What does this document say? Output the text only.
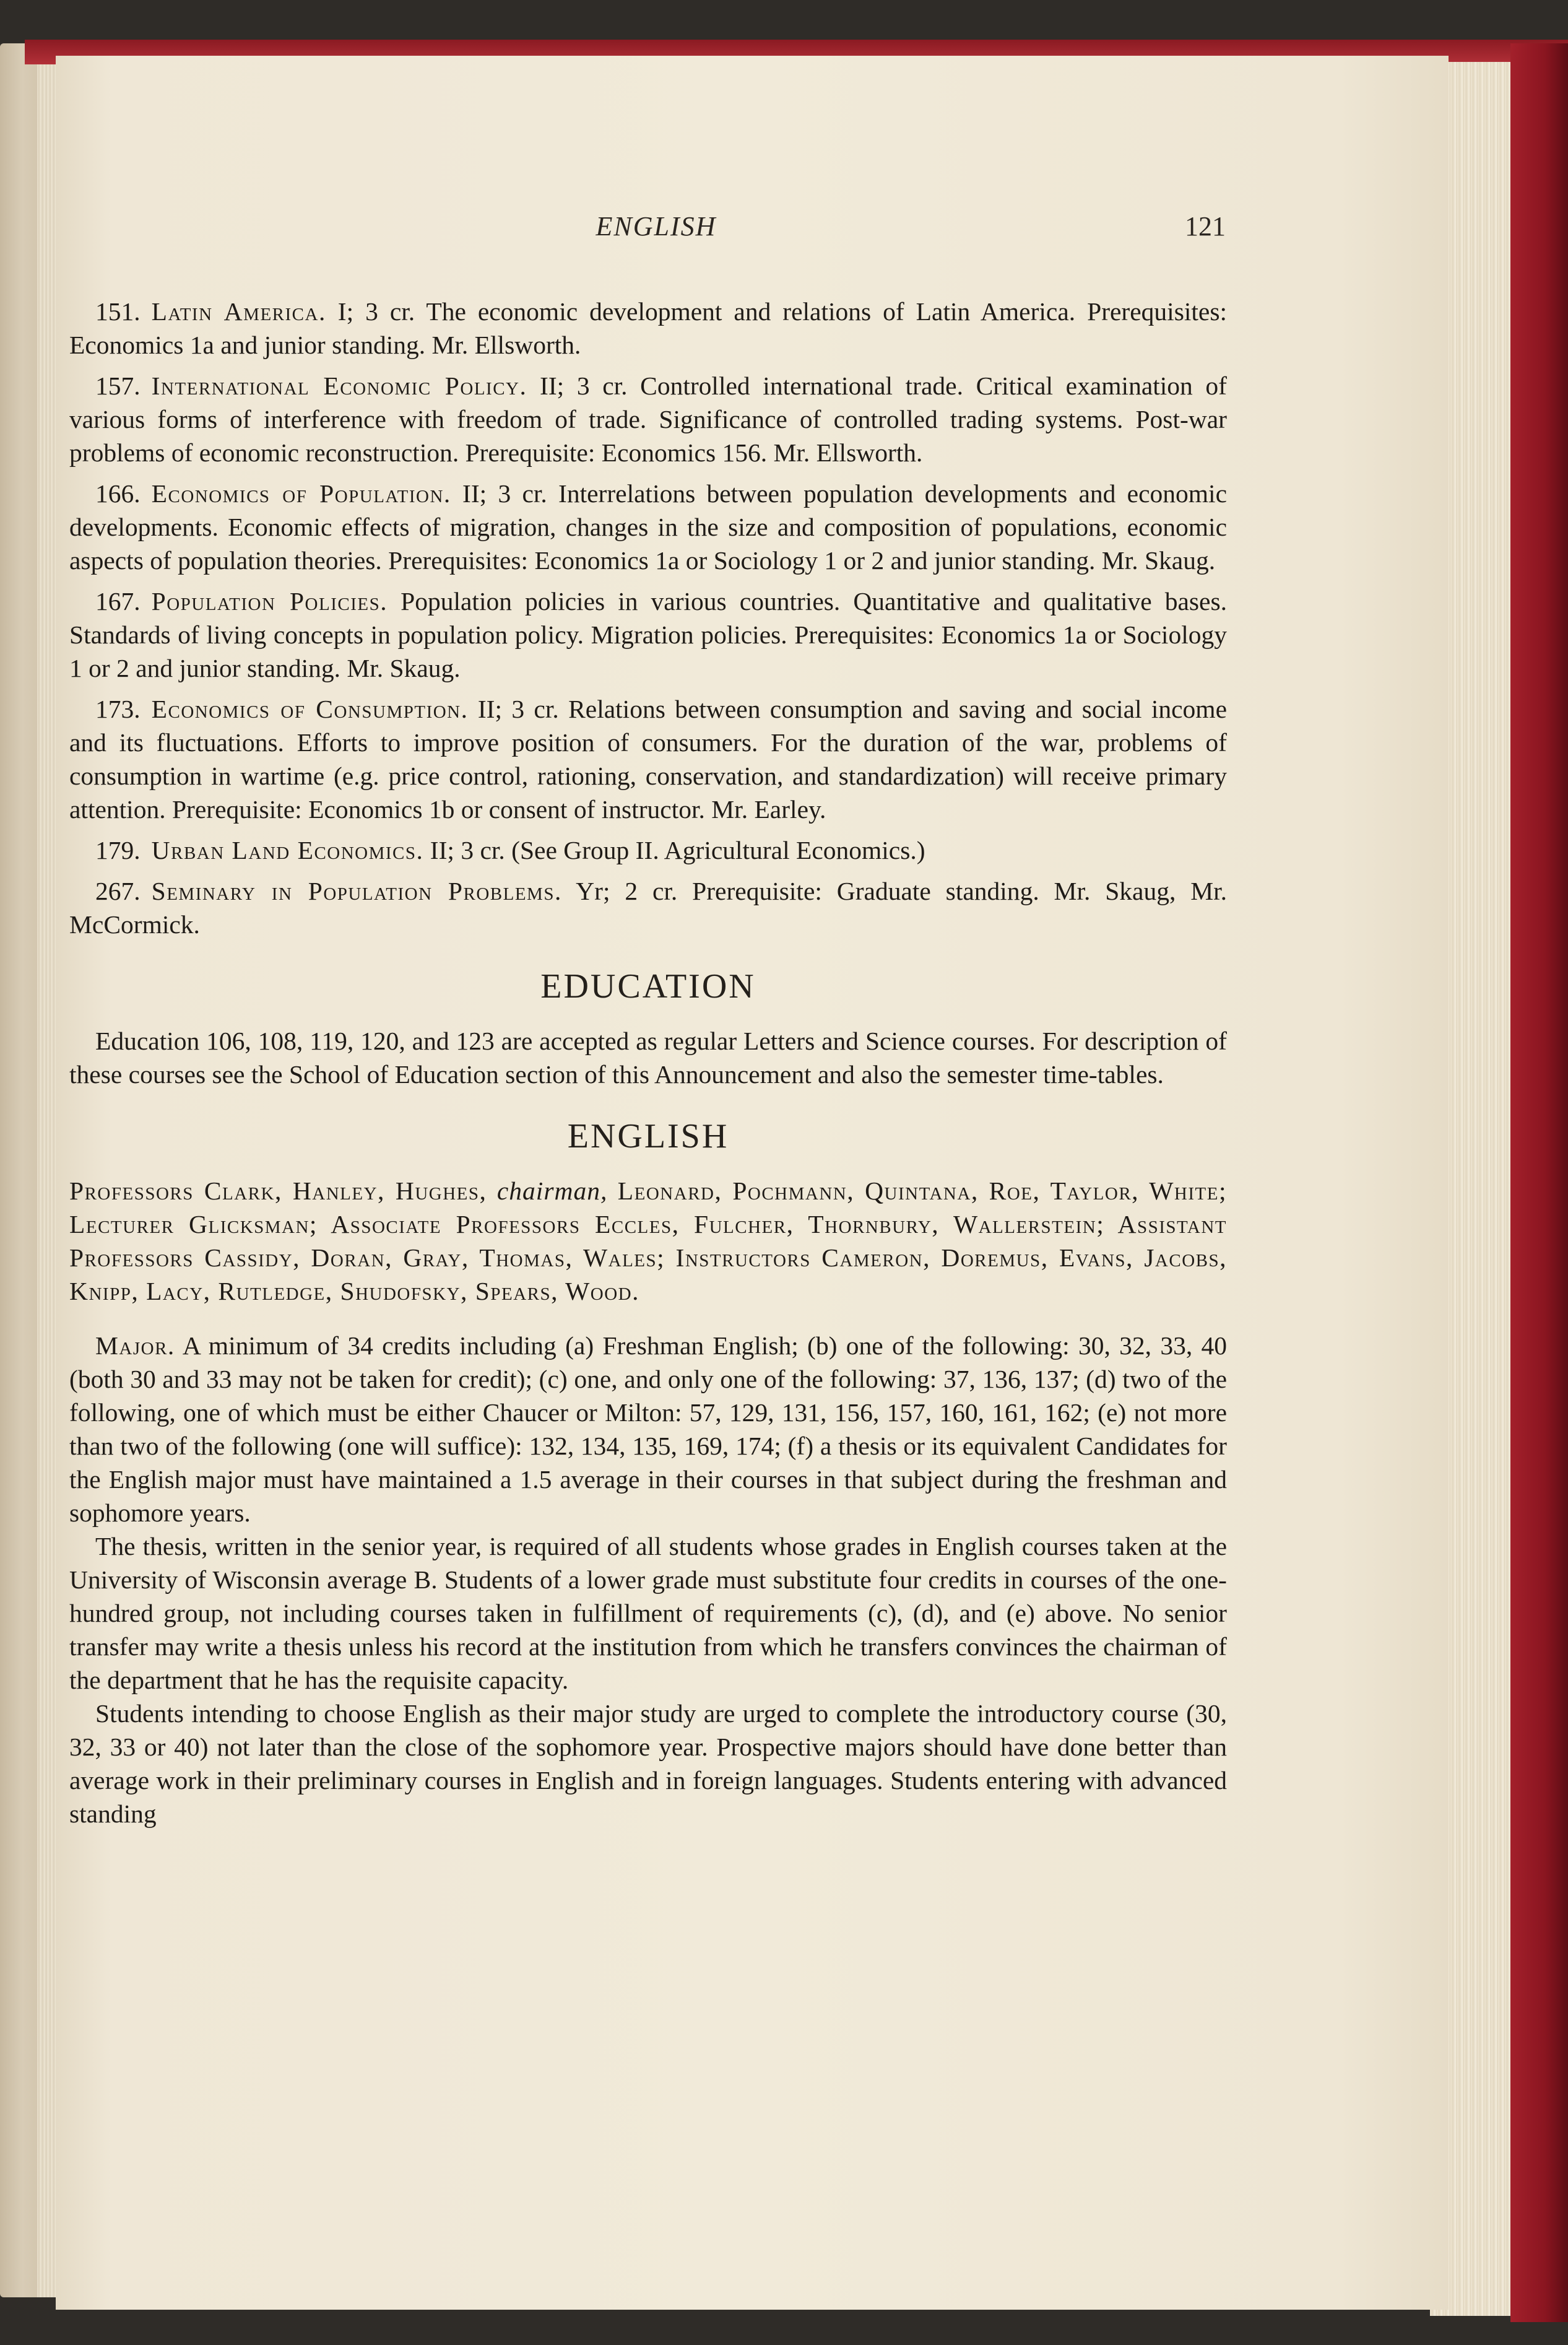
ENGLISH	121

151. Latin America. I; 3 cr. The economic development and relations of Latin America. Prerequisites: Economics 1a and junior standing. Mr. Ellsworth.

157. International Economic Policy. II; 3 cr. Controlled international trade. Critical examination of various forms of interference with freedom of trade. Significance of controlled trading systems. Post-war problems of economic reconstruction. Prerequisite: Economics 156. Mr. Ellsworth.

166. Economics of Population. II; 3 cr. Interrelations between population developments and economic developments. Economic effects of migration, changes in the size and composition of populations, economic aspects of population theories. Prerequisites: Economics 1a or Sociology 1 or 2 and junior standing. Mr. Skaug.

167. Population Policies. Population policies in various countries. Quantitative and qualitative bases. Standards of living concepts in population policy. Migration policies. Prerequisites: Economics 1a or Sociology 1 or 2 and junior standing. Mr. Skaug.

173. Economics of Consumption. II; 3 cr. Relations between consumption and saving and social income and its fluctuations. Efforts to improve position of consumers. For the duration of the war, problems of consumption in wartime (e.g. price control, rationing, conservation, and standardization) will receive primary attention. Prerequisite: Economics 1b or consent of instructor. Mr. Earley.

179. Urban Land Economics. II; 3 cr. (See Group II. Agricultural Economics.)

267. Seminary in Population Problems. Yr; 2 cr. Prerequisite: Graduate standing. Mr. Skaug, Mr. McCormick.

EDUCATION

Education 106, 108, 119, 120, and 123 are accepted as regular Letters and Science courses. For description of these courses see the School of Education section of this Announcement and also the semester time-tables.

ENGLISH

Professors Clark, Hanley, Hughes, chairman, Leonard, Pochmann, Quintana, Roe, Taylor, White; Lecturer Glicksman; Associate Professors Eccles, Fulcher, Thornbury, Wallerstein; Assistant Professors Cassidy, Doran, Gray, Thomas, Wales; Instructors Cameron, Doremus, Evans, Jacobs, Knipp, Lacy, Rutledge, Shudofsky, Spears, Wood.

Major. A minimum of 34 credits including (a) Freshman English; (b) one of the following: 30, 32, 33, 40 (both 30 and 33 may not be taken for credit); (c) one, and only one of the following: 37, 136, 137; (d) two of the following, one of which must be either Chaucer or Milton: 57, 129, 131, 156, 157, 160, 161, 162; (e) not more than two of the following (one will suffice): 132, 134, 135, 169, 174; (f) a thesis or its equivalent Candidates for the English major must have maintained a 1.5 average in their courses in that subject during the freshman and sophomore years.

The thesis, written in the senior year, is required of all students whose grades in English courses taken at the University of Wisconsin average B. Students of a lower grade must substitute four credits in courses of the one-hundred group, not including courses taken in fulfillment of requirements (c), (d), and (e) above. No senior transfer may write a thesis unless his record at the institution from which he transfers convinces the chairman of the department that he has the requisite capacity.

Students intending to choose English as their major study are urged to complete the introductory course (30, 32, 33 or 40) not later than the close of the sophomore year. Prospective majors should have done better than average work in their preliminary courses in English and in foreign languages. Students entering with advanced standing
